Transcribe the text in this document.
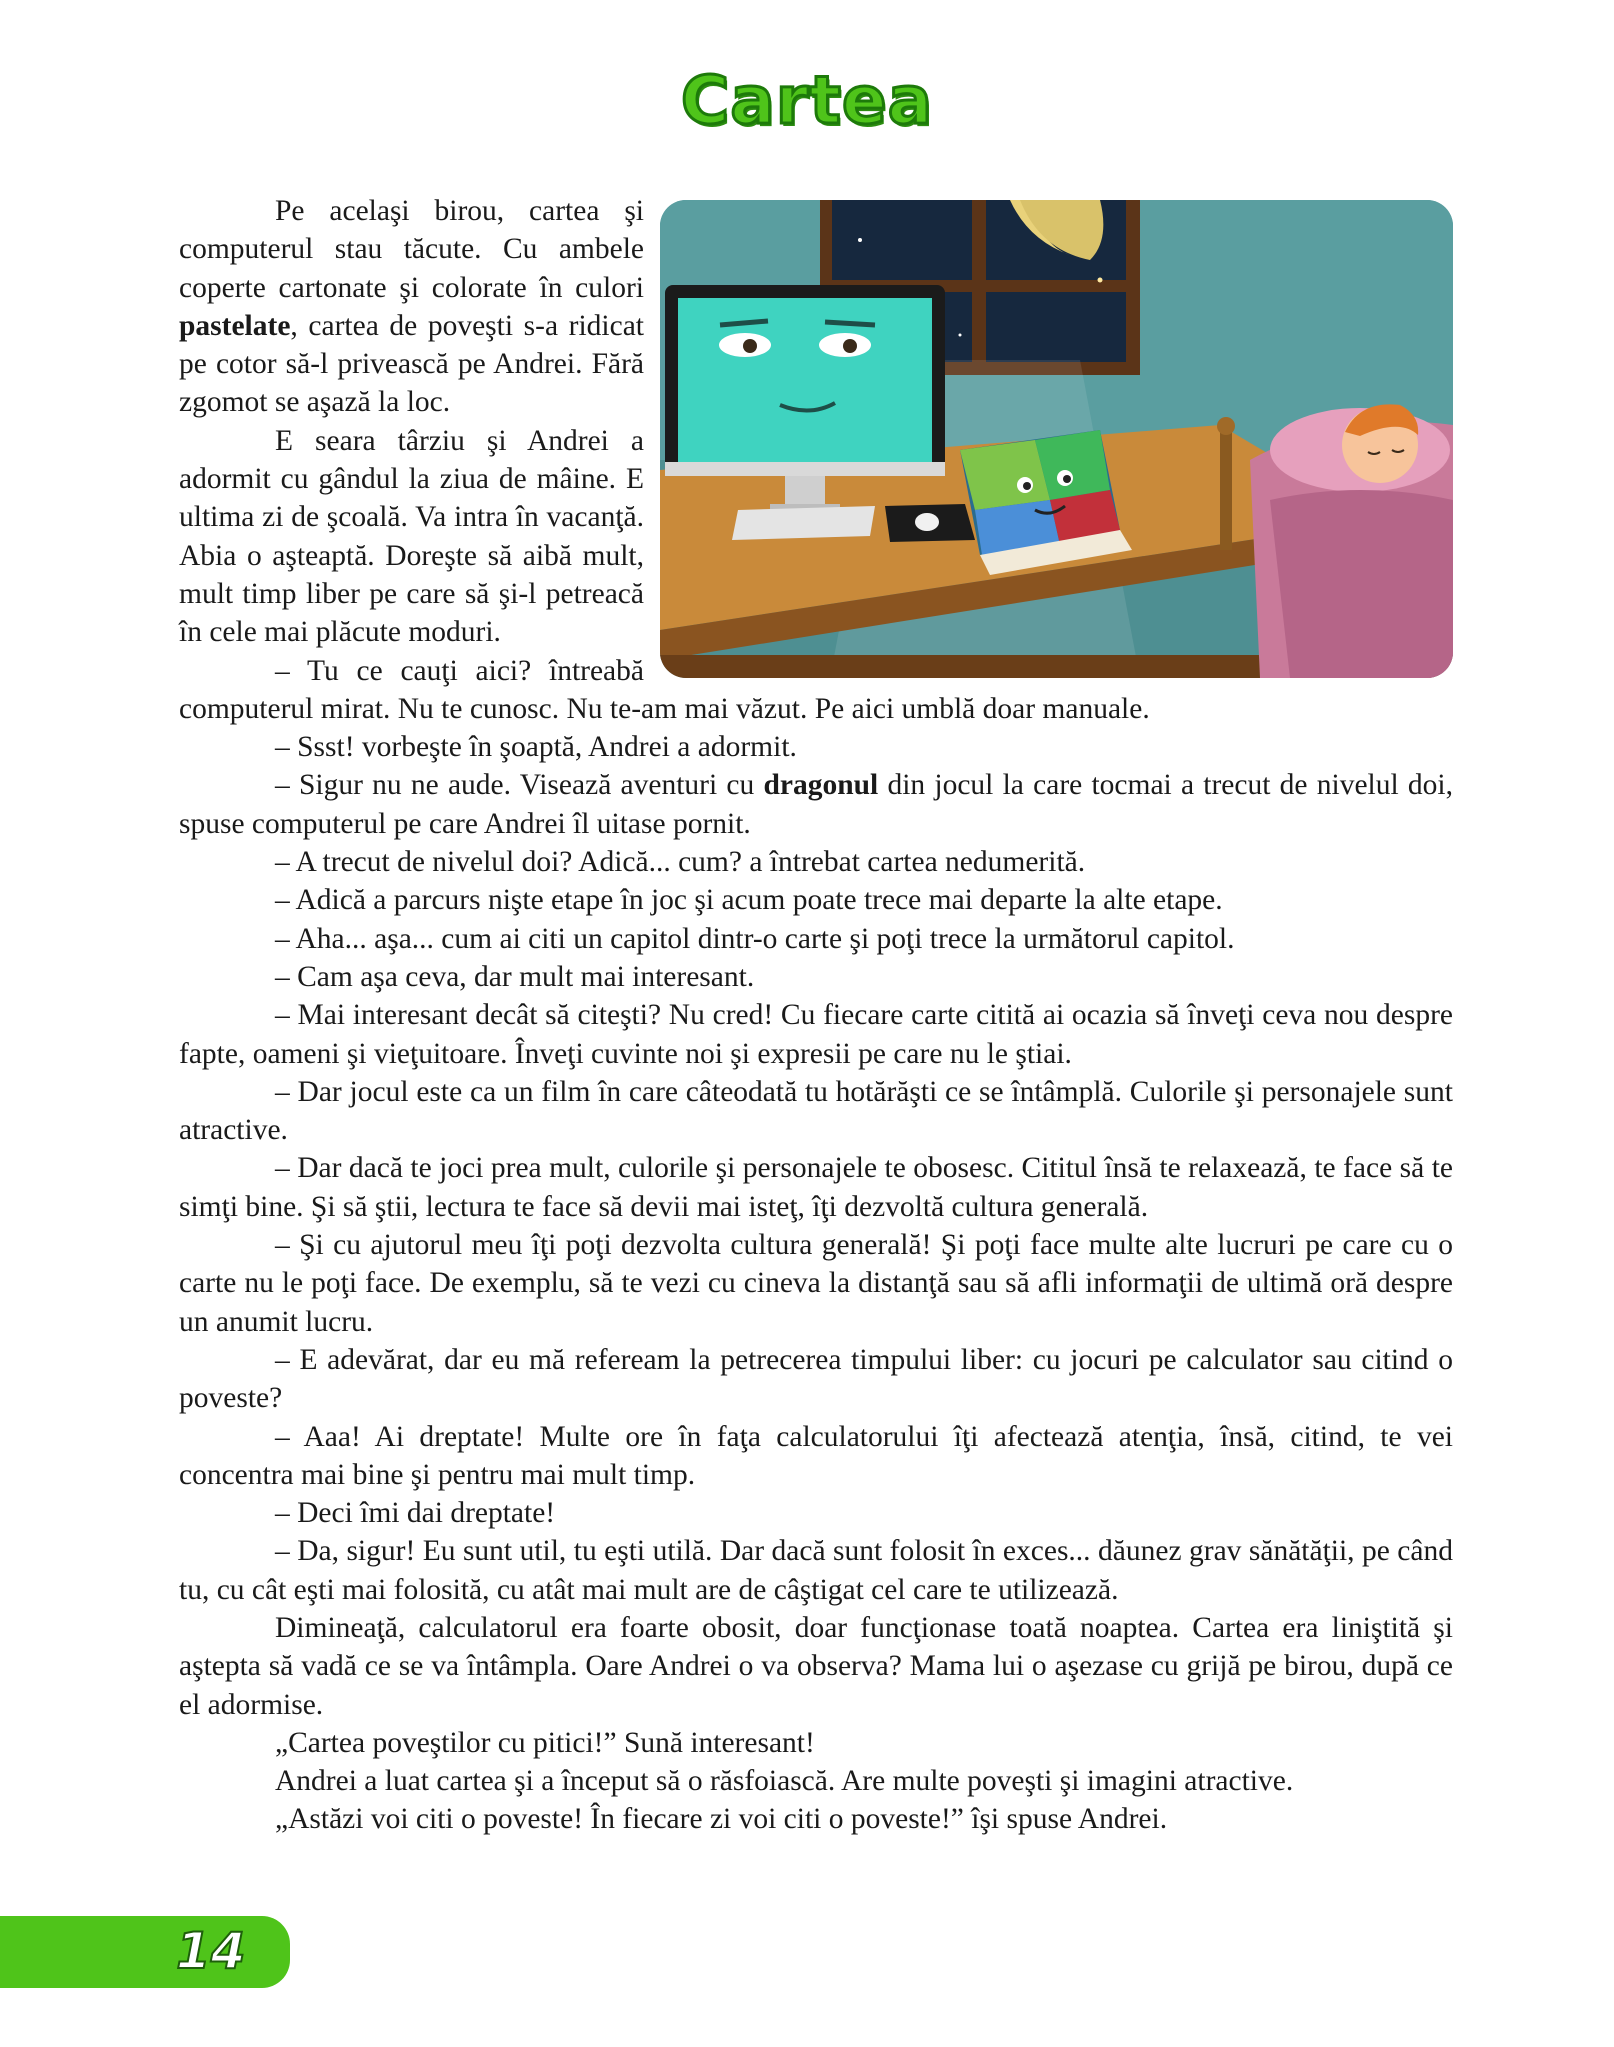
Cartea

Pe acelaşi birou, cartea şi computerul stau tăcute. Cu ambele coperte cartonate şi colorate în culori pastelate, cartea de poveşti s-a ridicat pe cotor să-l privească pe Andrei. Fără zgomot se aşază la loc.

E seara târziu şi Andrei a adormit cu gândul la ziua de mâine. E ultima zi de şcoală. Va intra în vacanţă. Abia o aşteaptă. Doreşte să aibă mult, mult timp liber pe care să şi-l petreacă în cele mai plăcute moduri.

– Tu ce cauţi aici? întreabă computerul mirat. Nu te cunosc. Nu te-am mai văzut. Pe aici umblă doar manuale.

– Ssst! vorbeşte în şoaptă, Andrei a adormit.

– Sigur nu ne aude. Visează aventuri cu dragonul din jocul la care tocmai a trecut de nivelul doi, spuse computerul pe care Andrei îl uitase pornit.

– A trecut de nivelul doi? Adică... cum? a întrebat cartea nedumerită.

– Adică a parcurs nişte etape în joc şi acum poate trece mai departe la alte etape.

– Aha... aşa... cum ai citi un capitol dintr-o carte şi poţi trece la următorul capitol.

– Cam aşa ceva, dar mult mai interesant.

– Mai interesant decât să citeşti? Nu cred! Cu fiecare carte citită ai ocazia să înveţi ceva nou despre fapte, oameni şi vieţuitoare. Înveţi cuvinte noi şi expresii pe care nu le ştiai.

– Dar jocul este ca un film în care câteodată tu hotărăşti ce se întâmplă. Culorile şi personajele sunt atractive.

– Dar dacă te joci prea mult, culorile şi personajele te obosesc. Cititul însă te relaxează, te face să te simţi bine. Şi să ştii, lectura te face să devii mai isteţ, îţi dezvoltă cultura generală.

– Şi cu ajutorul meu îţi poţi dezvolta cultura generală! Şi poţi face multe alte lucruri pe care cu o carte nu le poţi face. De exemplu, să te vezi cu cineva la distanţă sau să afli informaţii de ultimă oră despre un anumit lucru.

– E adevărat, dar eu mă refeream la petrecerea timpului liber: cu jocuri pe calculator sau citind o poveste?

– Aaa! Ai dreptate! Multe ore în faţa calculatorului îţi afectează atenţia, însă, citind, te vei concentra mai bine şi pentru mai mult timp.

– Deci îmi dai dreptate!

– Da, sigur! Eu sunt util, tu eşti utilă. Dar dacă sunt folosit în exces... dăunez grav sănătăţii, pe când tu, cu cât eşti mai folosită, cu atât mai mult are de câştigat cel care te utilizează.

Dimineaţă, calculatorul era foarte obosit, doar funcţionase toată noaptea. Cartea era liniştită şi aştepta să vadă ce se va întâmpla. Oare Andrei o va observa? Mama lui o aşezase cu grijă pe birou, după ce el adormise.

„Cartea poveştilor cu pitici!” Sună interesant!

Andrei a luat cartea şi a început să o răsfoiască. Are multe poveşti şi imagini atractive.

„Astăzi voi citi o poveste! În fiecare zi voi citi o poveste!” îşi spuse Andrei.

14
